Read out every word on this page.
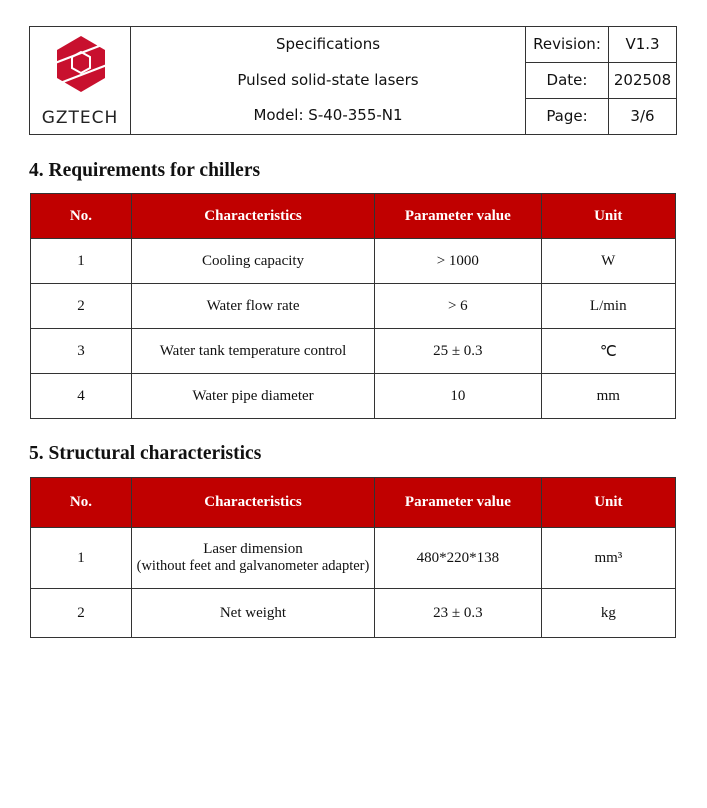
GZTECH	Specifications
Pulsed solid-state lasers
Model: S-40-355-N1	Revision:	V1.3
		Date:	202508
		Page:	3/6
4. Requirements for chillers
No.	Characteristics	Parameter value	Unit
1	Cooling capacity	> 1000	W
2	Water flow rate	> 6	L/min
3	Water tank temperature control	25 ± 0.3	℃
4	Water pipe diameter	10	mm
5. Structural characteristics
No.	Characteristics	Parameter value	Unit
1	Laser dimension
(without feet and galvanometer adapter)	480*220*138	mm³
2	Net weight	23 ± 0.3	kg
